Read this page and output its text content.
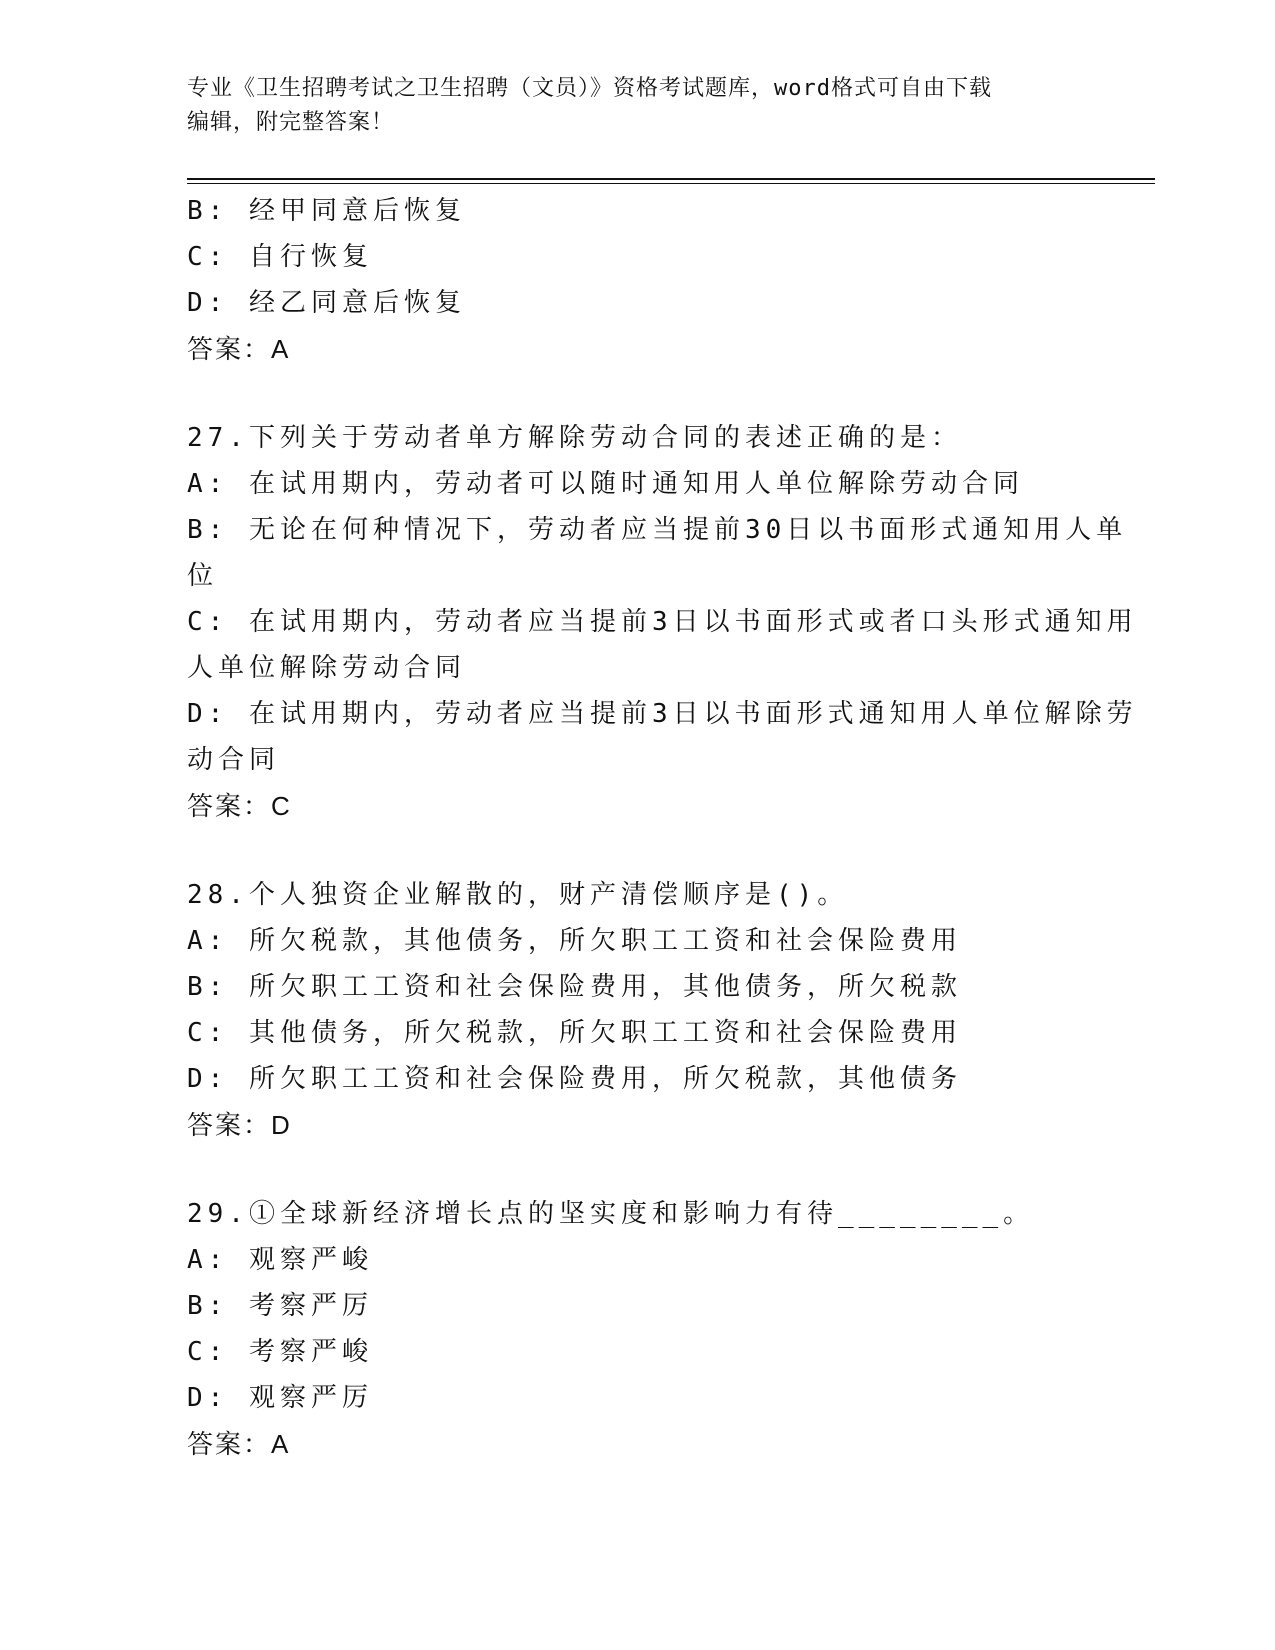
专业《卫生招聘考试之卫生招聘（文员）》资格考试题库，word格式可自由下载
编辑，附完整答案！
B: 经甲同意后恢复
C: 自行恢复
D: 经乙同意后恢复
答案：A
27.下列关于劳动者单方解除劳动合同的表述正确的是：
A: 在试用期内，劳动者可以随时通知用人单位解除劳动合同
B: 无论在何种情况下，劳动者应当提前30日以书面形式通知用人单
位
C: 在试用期内，劳动者应当提前3日以书面形式或者口头形式通知用
人单位解除劳动合同
D: 在试用期内，劳动者应当提前3日以书面形式通知用人单位解除劳
动合同
答案：C
28.个人独资企业解散的，财产清偿顺序是()。
A: 所欠税款，其他债务，所欠职工工资和社会保险费用
B: 所欠职工工资和社会保险费用，其他债务，所欠税款
C: 其他债务，所欠税款，所欠职工工资和社会保险费用
D: 所欠职工工资和社会保险费用，所欠税款，其他债务
答案：D
29.①全球新经济增长点的坚实度和影响力有待________。
A: 观察严峻
B: 考察严厉
C: 考察严峻
D: 观察严厉
答案：A
